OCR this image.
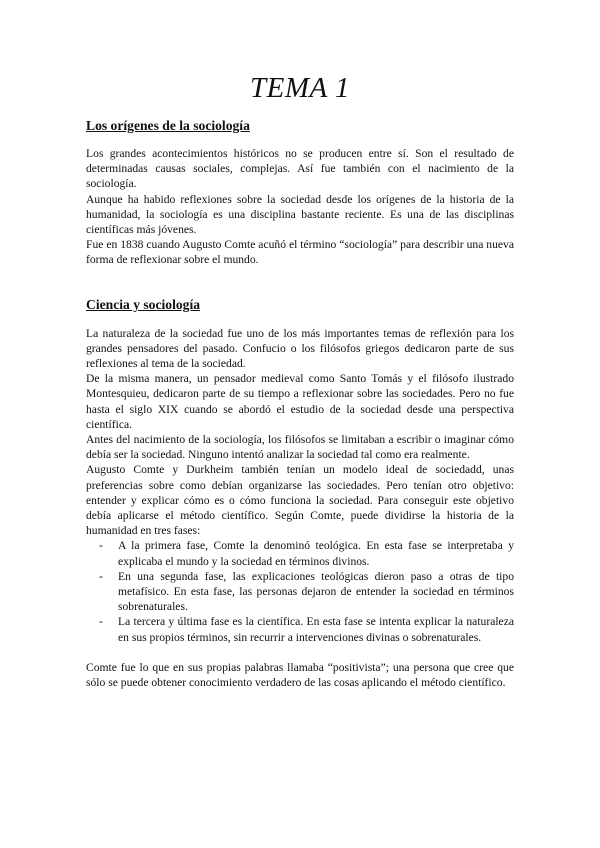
TEMA 1
Los orígenes de la sociología

Los grandes acontecimientos históricos no se producen entre sí. Son el resultado de determinadas causas sociales, complejas. Así fue también con el nacimiento de la sociología.

Aunque ha habido reflexiones sobre la sociedad desde los orígenes de la historia de la humanidad, la sociología es una disciplina bastante reciente. Es una de las disciplinas científicas más jóvenes.

Fue en 1838 cuando Augusto Comte acuñó el término “sociología” para describir una nueva forma de reflexionar sobre el mundo.

Ciencia y sociología

La naturaleza de la sociedad fue uno de los más importantes temas de reflexión para los grandes pensadores del pasado. Confucio o los filósofos griegos dedicaron parte de sus reflexiones al tema de la sociedad.

De la misma manera, un pensador medieval como Santo Tomás y el filósofo ilustrado Montesquieu, dedicaron parte de su tiempo a reflexionar sobre las sociedades. Pero no fue hasta el siglo XIX cuando se abordó el estudio de la sociedad desde una perspectiva científica.

Antes del nacimiento de la sociología, los filósofos se limitaban a escribir o imaginar cómo debía ser la sociedad. Ninguno intentó analizar la sociedad tal como era realmente.

Augusto Comte y Durkheim también tenían un modelo ideal de sociedadd, unas preferencias sobre como debían organizarse las sociedades. Pero tenían otro objetivo: entender y explicar cómo es o cómo funciona la sociedad. Para conseguir este objetivo debía aplicarse el método científico. Según Comte, puede dividirse la historia de la humanidad en tres fases:

- A la primera fase, Comte la denominó teológica. En esta fase se interpretaba y explicaba el mundo y la sociedad en términos divinos.
- En una segunda fase, las explicaciones teológicas dieron paso a otras de tipo metafísico. En esta fase, las personas dejaron de entender la sociedad en términos sobrenaturales.
- La tercera y última fase es la científica. En esta fase se intenta explicar la naturaleza en sus propios términos, sin recurrir a intervenciones divinas o sobrenaturales.

Comte fue lo que en sus propias palabras llamaba “positivista”; una persona que cree que sólo se puede obtener conocimiento verdadero de las cosas aplicando el método científico.
